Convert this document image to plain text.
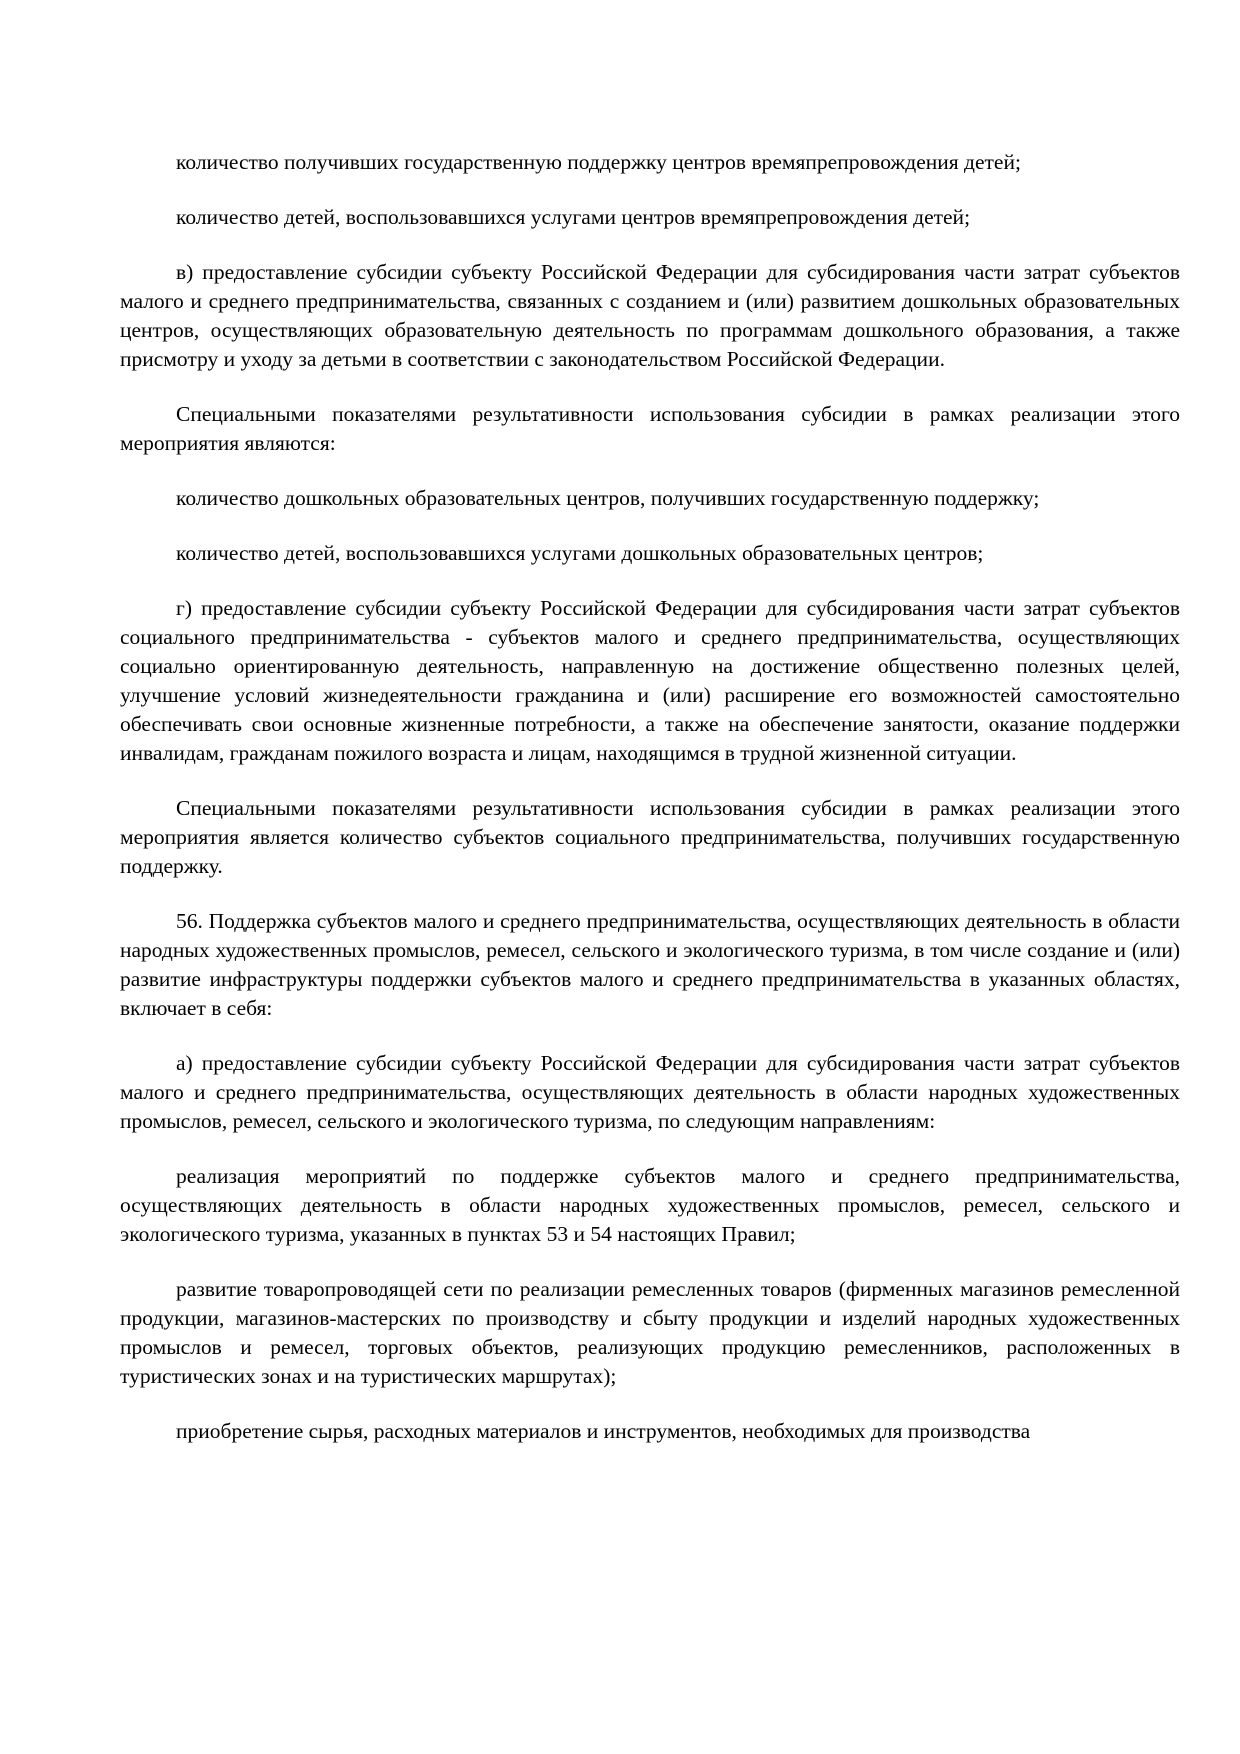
количество получивших государственную поддержку центров времяпрепровождения детей;

количество детей, воспользовавшихся услугами центров времяпрепровождения детей;

в) предоставление субсидии субъекту Российской Федерации для субсидирования части затрат субъектов малого и среднего предпринимательства, связанных с созданием и (или) развитием дошкольных образовательных центров, осуществляющих образовательную деятельность по программам дошкольного образования, а также присмотру и уходу за детьми в соответствии с законодательством Российской Федерации.

Специальными показателями результативности использования субсидии в рамках реализации этого мероприятия являются:

количество дошкольных образовательных центров, получивших государственную поддержку;

количество детей, воспользовавшихся услугами дошкольных образовательных центров;

г) предоставление субсидии субъекту Российской Федерации для субсидирования части затрат субъектов социального предпринимательства - субъектов малого и среднего предпринимательства, осуществляющих социально ориентированную деятельность, направленную на достижение общественно полезных целей, улучшение условий жизнедеятельности гражданина и (или) расширение его возможностей самостоятельно обеспечивать свои основные жизненные потребности, а также на обеспечение занятости, оказание поддержки инвалидам, гражданам пожилого возраста и лицам, находящимся в трудной жизненной ситуации.

Специальными показателями результативности использования субсидии в рамках реализации этого мероприятия является количество субъектов социального предпринимательства, получивших государственную поддержку.

56. Поддержка субъектов малого и среднего предпринимательства, осуществляющих деятельность в области народных художественных промыслов, ремесел, сельского и экологического туризма, в том числе создание и (или) развитие инфраструктуры поддержки субъектов малого и среднего предпринимательства в указанных областях, включает в себя:

а) предоставление субсидии субъекту Российской Федерации для субсидирования части затрат субъектов малого и среднего предпринимательства, осуществляющих деятельность в области народных художественных промыслов, ремесел, сельского и экологического туризма, по следующим направлениям:

реализация мероприятий по поддержке субъектов малого и среднего предпринимательства, осуществляющих деятельность в области народных художественных промыслов, ремесел, сельского и экологического туризма, указанных в пунктах 53 и 54 настоящих Правил;

развитие товаропроводящей сети по реализации ремесленных товаров (фирменных магазинов ремесленной продукции, магазинов-мастерских по производству и сбыту продукции и изделий народных художественных промыслов и ремесел, торговых объектов, реализующих продукцию ремесленников, расположенных в туристических зонах и на туристических маршрутах);

приобретение сырья, расходных материалов и инструментов, необходимых для производства
